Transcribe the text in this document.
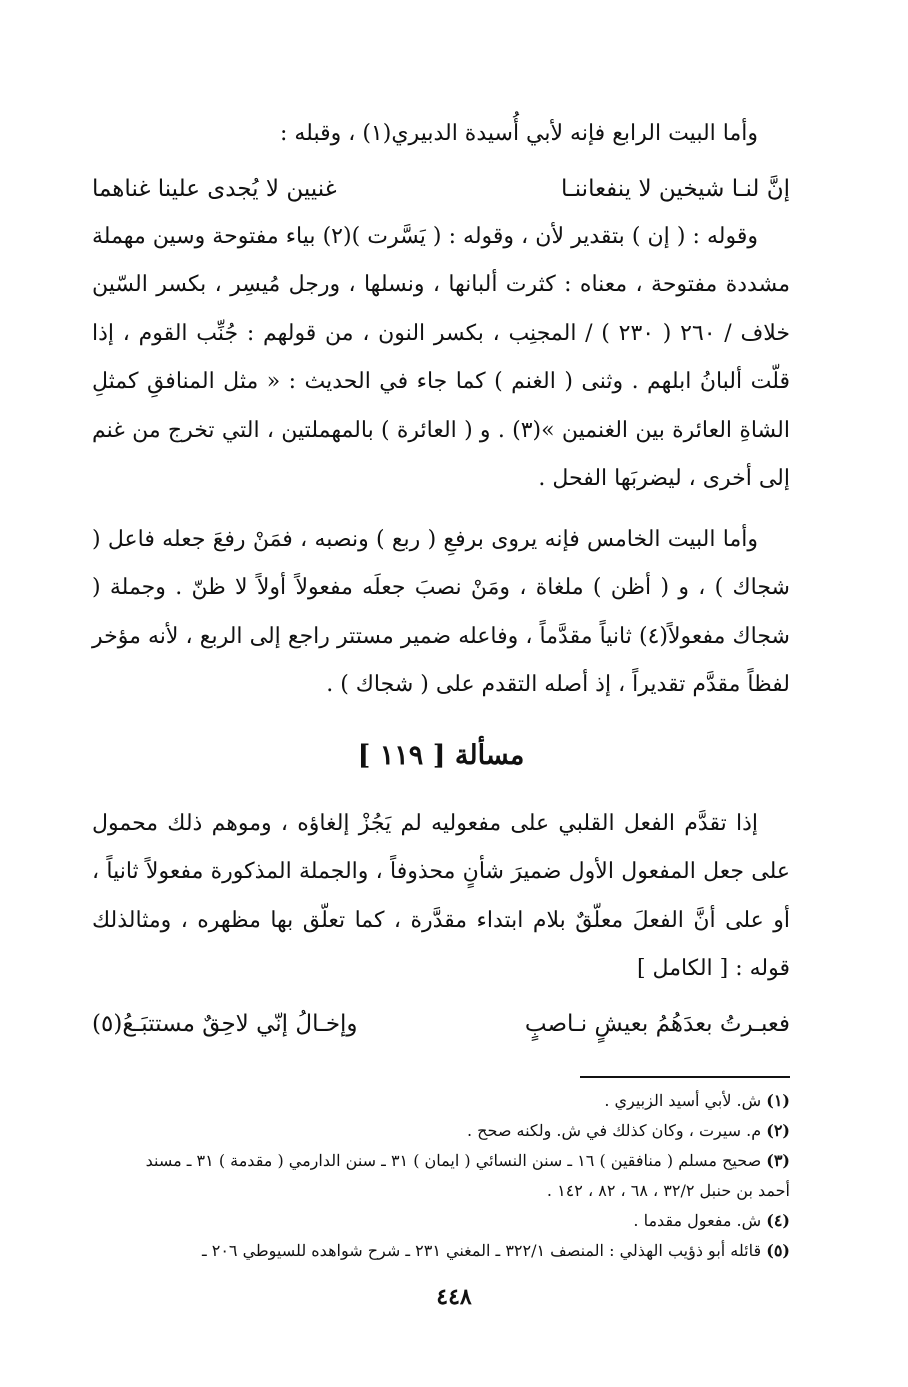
وأما البيت الرابع فإنه لأبي أُسيدة الدبيري(١) ، وقبله :

إنَّ لنـا شيخين لا ينفعاننـا
غنيين لا يُجدى علينا غناهما

وقوله : ( إن ) بتقدير لأن ، وقوله : ( يَسَّرت )(٢) بياء مفتوحة وسين مهملة مشددة مفتوحة ، معناه : كثرت ألبانها ، ونسلها ، ورجل مُيسِر ، بكسر السّين خلاف / ٢٦٠ ( ٢٣٠ ) / المجنِب ، بكسر النون ، من قولهم : جُنِّب القوم ، إذا قلّت ألبانُ ابلهم . وثنى ( الغنم ) كما جاء في الحديث : « مثل المنافقِ كمثلِ الشاةِ العائرة بين الغنمين »(٣) . و ( العائرة ) بالمهملتين ، التي تخرج من غنم إلى أخرى ، ليضربَها الفحل .

وأما البيت الخامس فإنه يروى برفعِ ( ربع ) ونصبه ، فمَنْ رفعَ جعله فاعل ( شجاك ) ، و ( أظن ) ملغاة ، ومَنْ نصبَ جعلَه مفعولاً أولاً لا ظنّ . وجملة ( شجاك مفعولاً(٤) ثانياً مقدَّماً ، وفاعله ضمير مستتر راجع إلى الربع ، لأنه مؤخر لفظاً مقدَّم تقديراً ، إذ أصله التقدم على ( شجاك ) .

مسألة [ ١١٩ ]

إذا تقدَّم الفعل القلبي على مفعوليه لم يَجُزْ إلغاؤه ، وموهم ذلك محمول على جعل المفعول الأول ضميرَ شأنٍ محذوفاً ، والجملة المذكورة مفعولاً ثانياً ، أو على أنَّ الفعلَ معلّقٌ بلام ابتداء مقدَّرة ، كما تعلّق بها مظهره ، ومثالذلك قوله : [ الكامل ]

فعبـرتُ بعدَهُمُ بعيشٍ نـاصبٍ
وإخـالُ إنّي لاحِقٌ مستتبَـعُ(٥)

(١) ش. لأبي أسيد الزبيري .

(٢) م. سيرت ، وكان كذلك في ش. ولكنه صحح .

(٣) صحيح مسلم ( منافقين ) ١٦ ـ سنن النسائي ( ايمان ) ٣١ ـ سنن الدارمي ( مقدمة ) ٣١ ـ مسند

أحمد بن حنبل ٣٢/٢ ، ٦٨ ، ٨٢ ، ١٤٢ .

(٤) ش. مفعول مقدما .

(٥) قائله أبو ذؤيب الهذلي : المنصف ٣٢٢/١ ـ المغني ٢٣١ ـ شرح شواهده للسيوطي ٢٠٦ ـ

٤٤٨
